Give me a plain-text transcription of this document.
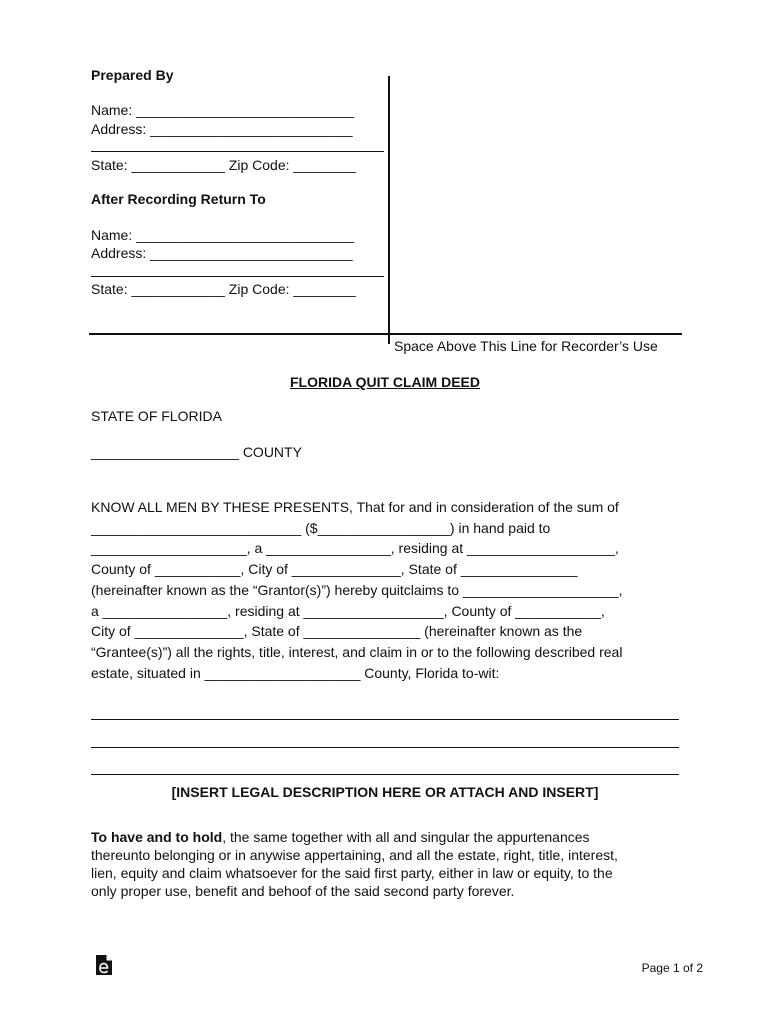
Prepared By
Name: ____________________________
Address: __________________________
State: ____________ Zip Code: ________
After Recording Return To
Name: ____________________________
Address: __________________________
State: ____________ Zip Code: ________
Space Above This Line for Recorder’s Use
FLORIDA QUIT CLAIM DEED
STATE OF FLORIDA
___________________ COUNTY

KNOW ALL MEN BY THESE PRESENTS, That for and in consideration of the sum of

___________________________ ($_________________) in hand paid to

____________________, a ________________, residing at ___________________,

County of ___________, City of ______________, State of _______________

(hereinafter known as the “Grantor(s)”) hereby quitclaims to ____________________,

a ________________, residing at __________________, County of ___________,

City of ______________, State of _______________ (hereinafter known as the

“Grantee(s)”) all the rights, title, interest, and claim in or to the following described real

estate, situated in ____________________ County, Florida to-wit:

[INSERT LEGAL DESCRIPTION HERE OR ATTACH AND INSERT]

To have and to hold, the same together with all and singular the appurtenances

thereunto belonging or in anywise appertaining, and all the estate, right, title, interest,

lien, equity and claim whatsoever for the said first party, either in law or equity, to the

only proper use, benefit and behoof of the said second party forever.

Page 1 of 2
